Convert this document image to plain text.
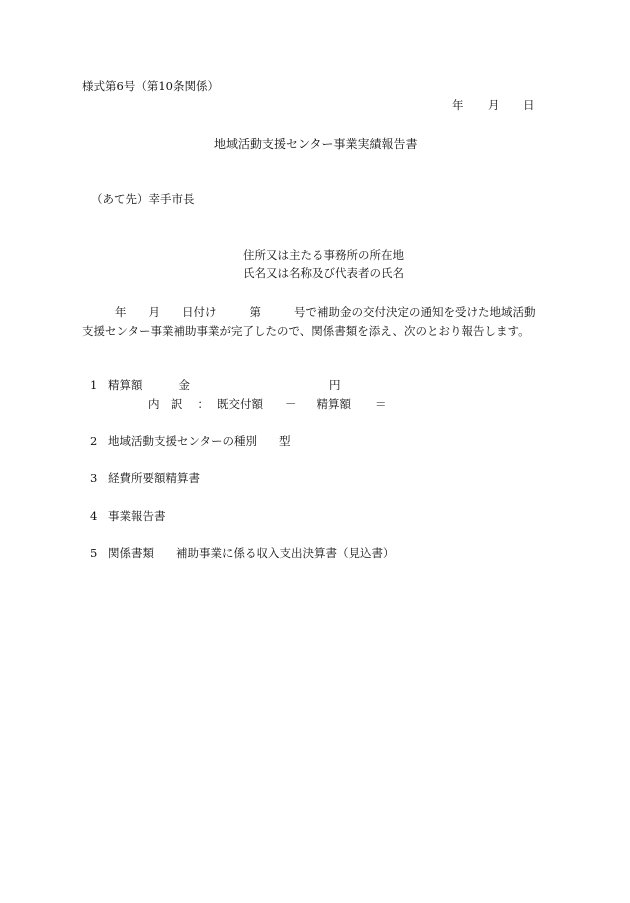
様式第6号（第10条関係）
年 月 日
地域活動支援センター事業実績報告書
（あて先）幸手市長
住所又は主たる事務所の所在地
氏名又は名称及び代表者の氏名
年 月 日付け	第	号で補助金の交付決定の通知を受けた地域活動
支援センター事業補助事業が完了したので、関係書類を添え、次のとおり報告します。
1 精算額	金	円
内　訳 ： 既交付額 － 精算額 ＝
2 地域活動支援センターの種別 型
3 経費所要額精算書
4 事業報告書
5 関係書類 補助事業に係る収入支出決算書（見込書）
